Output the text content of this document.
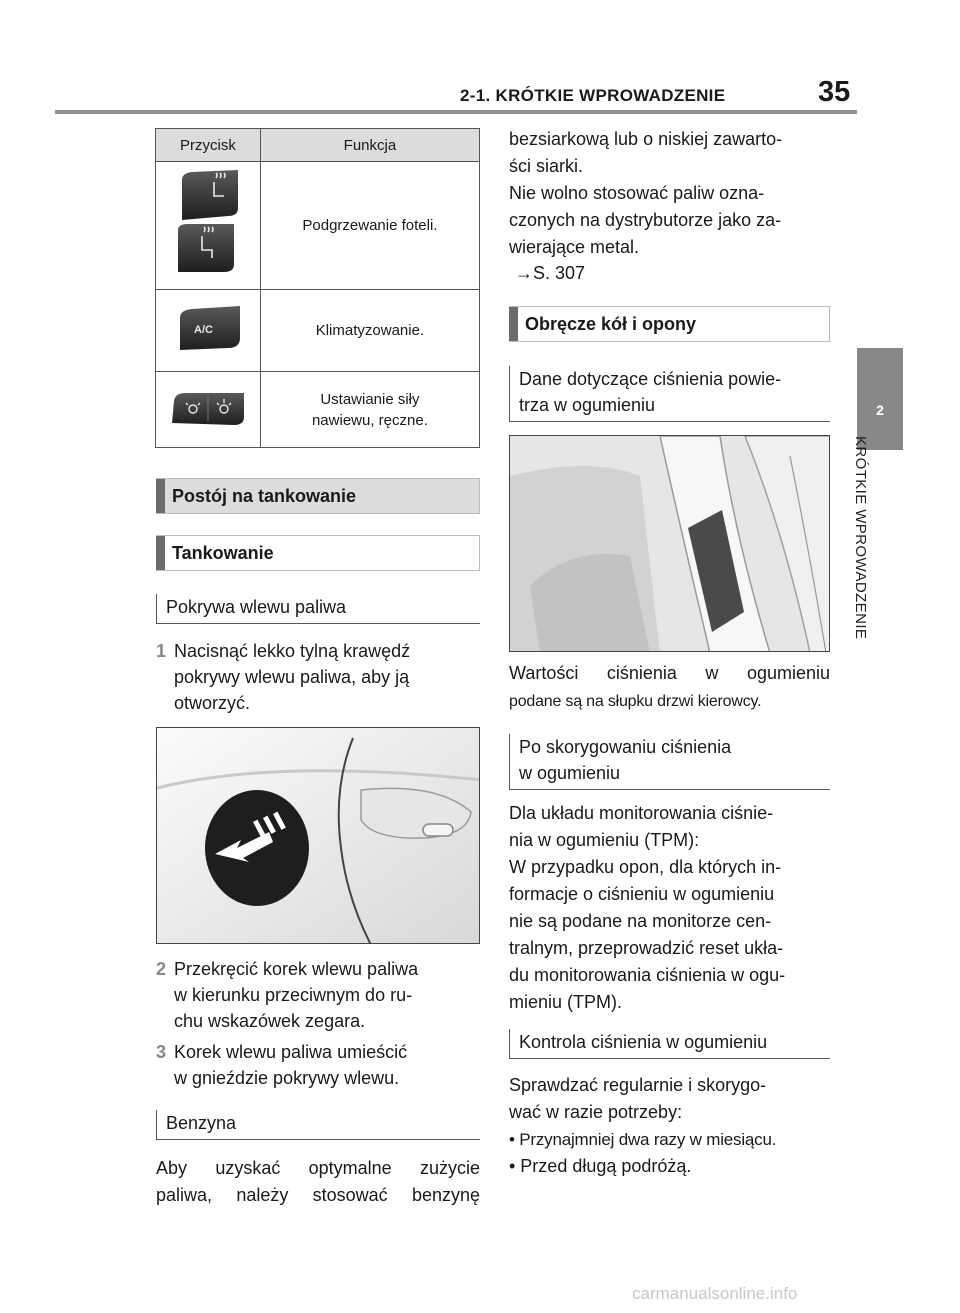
2-1. KRÓTKIE WPROWADZENIE	35
2
KRÓTKIE WPROWADZENIE
Przycisk	Funkcja
	Podgrzewanie foteli.

A/C	Klimatyzowanie.

Ustawianie siły
nawiewu, ręczne.
Postój na tankowanie
Tankowanie
Pokrywa wlewu paliwa
1 Nacisnąć lekko tylną krawędź
pokrywy wlewu paliwa, aby ją
otworzyć.
2 Przekręcić korek wlewu paliwa
w kierunku przeciwnym do ru-
chu wskazówek zegara.
3 Korek wlewu paliwa umieścić
w gnieździe pokrywy wlewu.
Benzyna
Aby uzyskać optymalne zużycie
paliwa, należy stosować benzynę
bezsiarkową lub o niskiej zawarto-
ści siarki.
Nie wolno stosować paliw ozna-
czonych na dystrybutorze jako za-
wierające metal.
→S. 307
Obręcze kół i opony
Dane dotyczące ciśnienia powie-
trza w ogumieniu
Wartości ciśnienia w ogumieniu
podane są na słupku drzwi kierowcy.
Po skorygowaniu ciśnienia
w ogumieniu
Dla układu monitorowania ciśnie-
nia w ogumieniu (TPM):
W przypadku opon, dla których in-
formacje o ciśnieniu w ogumieniu
nie są podane na monitorze cen-
tralnym, przeprowadzić reset ukła-
du monitorowania ciśnienia w ogu-
mieniu (TPM).
Kontrola ciśnienia w ogumieniu
Sprawdzać regularnie i skorygo-
wać w razie potrzeby:
• Przynajmniej dwa razy w miesiącu.
• Przed długą podróżą.
carmanualsonline.info
